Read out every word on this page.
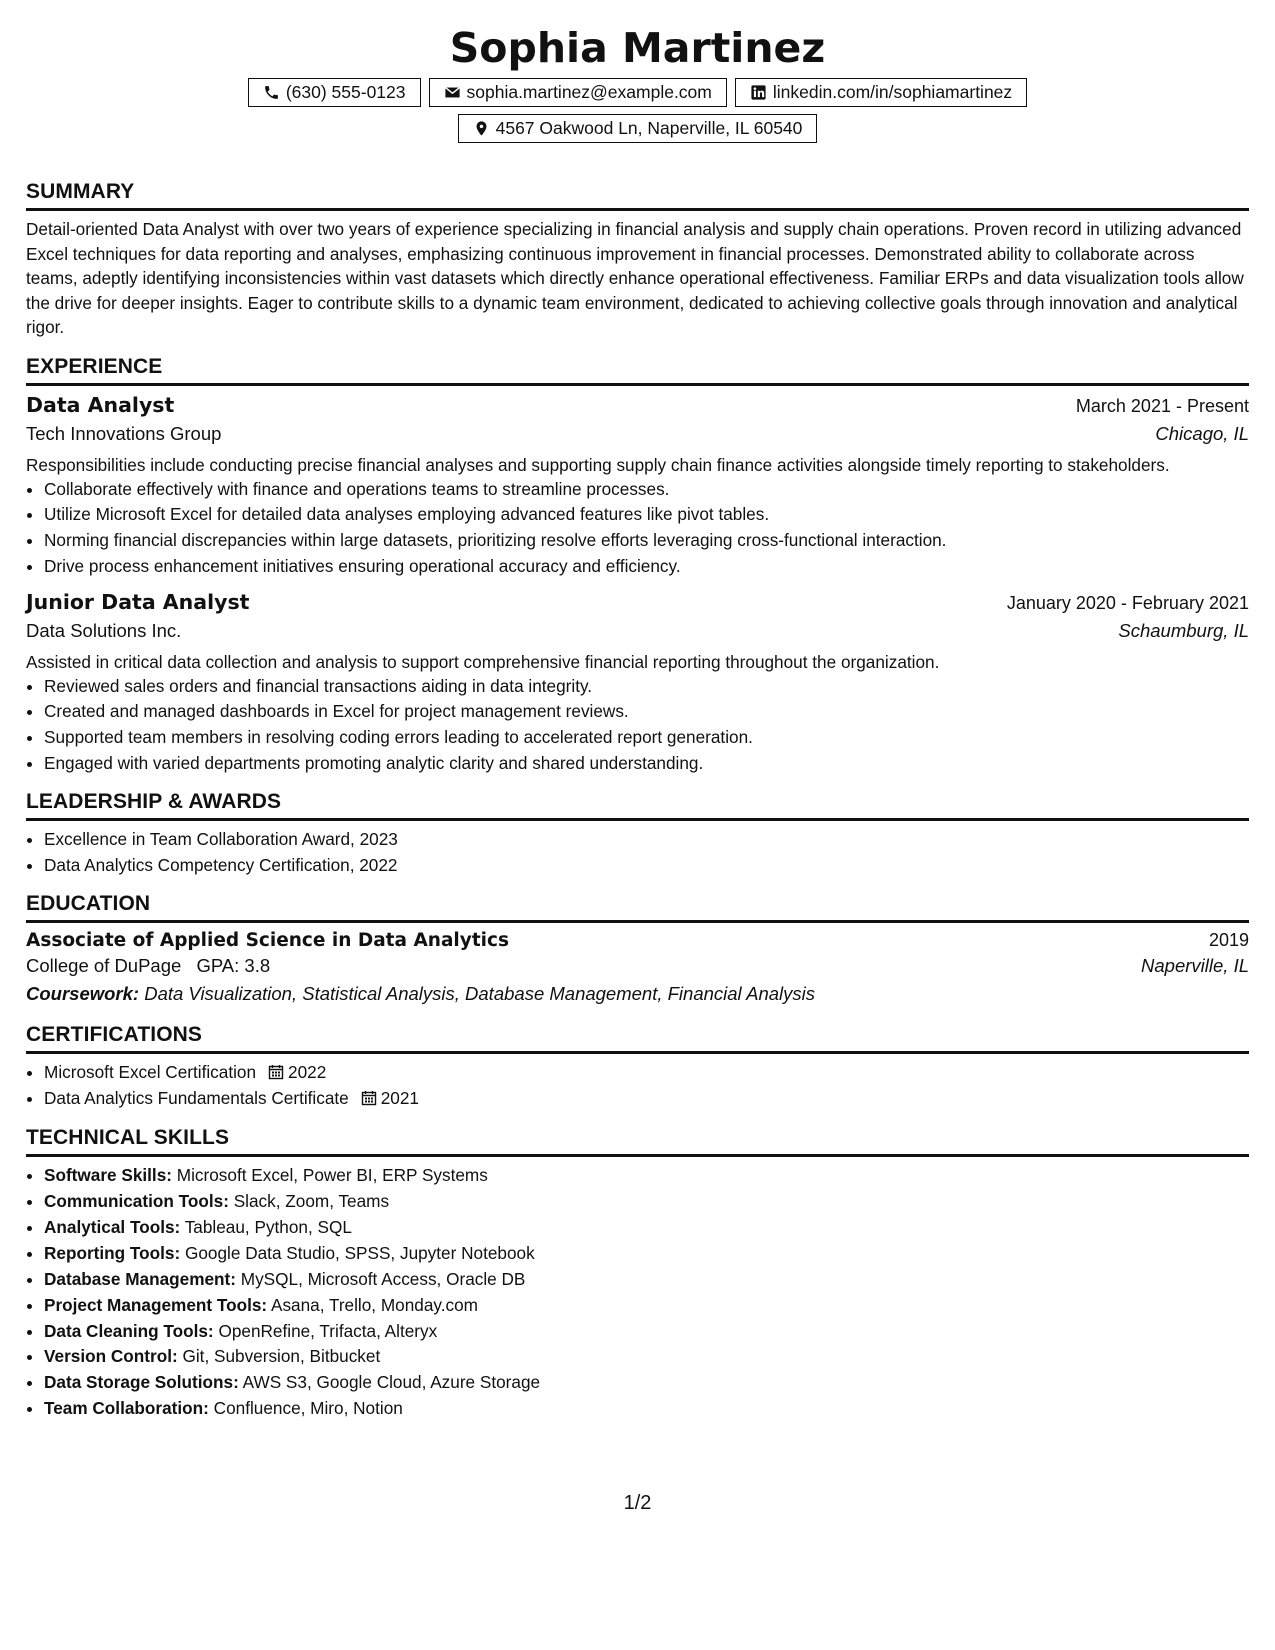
Sophia Martinez
(630) 555-0123	sophia.martinez@example.com	linkedin.com/in/sophiamartinez
4567 Oakwood Ln, Naperville, IL 60540
SUMMARY

Detail-oriented Data Analyst with over two years of experience specializing in financial analysis and supply chain operations. Proven record in utilizing advanced Excel techniques for data reporting and analyses, emphasizing continuous improvement in financial processes. Demonstrated ability to collaborate across teams, adeptly identifying inconsistencies within vast datasets which directly enhance operational effectiveness. Familiar ERPs and data visualization tools allow the drive for deeper insights. Eager to contribute skills to a dynamic team environment, dedicated to achieving collective goals through innovation and analytical rigor.

EXPERIENCE
Data Analyst	March 2021 - Present
Tech Innovations Group	Chicago, IL

Responsibilities include conducting precise financial analyses and supporting supply chain finance activities alongside timely reporting to stakeholders.

• Collaborate effectively with finance and operations teams to streamline processes.
• Utilize Microsoft Excel for detailed data analyses employing advanced features like pivot tables.
• Norming financial discrepancies within large datasets, prioritizing resolve efforts leveraging cross-functional interaction.
• Drive process enhancement initiatives ensuring operational accuracy and efficiency.
Junior Data Analyst	January 2020 - February 2021
Data Solutions Inc.	Schaumburg, IL

Assisted in critical data collection and analysis to support comprehensive financial reporting throughout the organization.

• Reviewed sales orders and financial transactions aiding in data integrity.
• Created and managed dashboards in Excel for project management reviews.
• Supported team members in resolving coding errors leading to accelerated report generation.
• Engaged with varied departments promoting analytic clarity and shared understanding.
LEADERSHIP & AWARDS
• Excellence in Team Collaboration Award, 2023
• Data Analytics Competency Certification, 2022
EDUCATION
Associate of Applied Science in Data Analytics	2019
College of DuPage GPA: 3.8	Naperville, IL
Coursework: Data Visualization, Statistical Analysis, Database Management, Financial Analysis
CERTIFICATIONS
• Microsoft Excel Certification 2022
• Data Analytics Fundamentals Certificate 2021
TECHNICAL SKILLS
• Software Skills: Microsoft Excel, Power BI, ERP Systems
• Communication Tools: Slack, Zoom, Teams
• Analytical Tools: Tableau, Python, SQL
• Reporting Tools: Google Data Studio, SPSS, Jupyter Notebook
• Database Management: MySQL, Microsoft Access, Oracle DB
• Project Management Tools: Asana, Trello, Monday.com
• Data Cleaning Tools: OpenRefine, Trifacta, Alteryx
• Version Control: Git, Subversion, Bitbucket
• Data Storage Solutions: AWS S3, Google Cloud, Azure Storage
• Team Collaboration: Confluence, Miro, Notion
1/2
